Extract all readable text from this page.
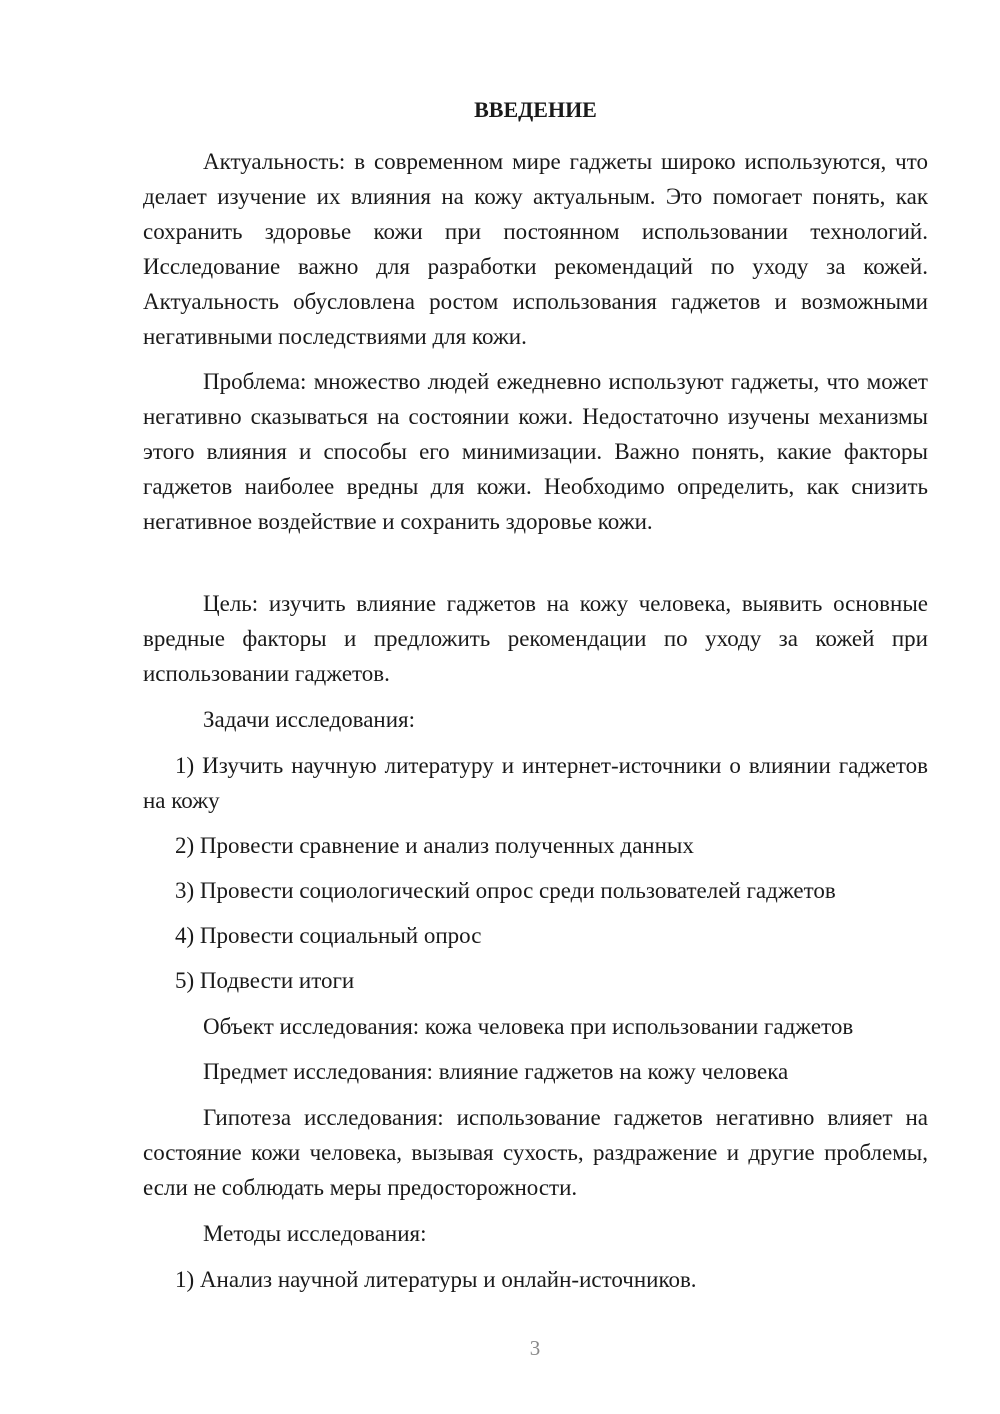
ВВЕДЕНИЕ

Актуальность: в современном мире гаджеты широко используются, что делает изучение их влияния на кожу актуальным. Это помогает понять, как сохранить здоровье кожи при постоянном использовании технологий. Исследование важно для разработки рекомендаций по уходу за кожей. Актуальность обусловлена ростом использования гаджетов и возможными негативными последствиями для кожи.

Проблема: множество людей ежедневно используют гаджеты, что может негативно сказываться на состоянии кожи. Недостаточно изучены механизмы этого влияния и способы его минимизации. Важно понять, какие факторы гаджетов наиболее вредны для кожи. Необходимо определить, как снизить негативное воздействие и сохранить здоровье кожи.

Цель: изучить влияние гаджетов на кожу человека, выявить основные вредные факторы и предложить рекомендации по уходу за кожей при использовании гаджетов.

Задачи исследования:

1) Изучить научную литературу и интернет-источники о влиянии гаджетов на кожу

2) Провести сравнение и анализ полученных данных

3) Провести социологический опрос среди пользователей гаджетов

4) Провести социальный опрос

5) Подвести итоги

Объект исследования: кожа человека при использовании гаджетов

Предмет исследования: влияние гаджетов на кожу человека

Гипотеза исследования: использование гаджетов негативно влияет на состояние кожи человека, вызывая сухость, раздражение и другие проблемы, если не соблюдать меры предосторожности.

Методы исследования:

1) Анализ научной литературы и онлайн-источников.

3
